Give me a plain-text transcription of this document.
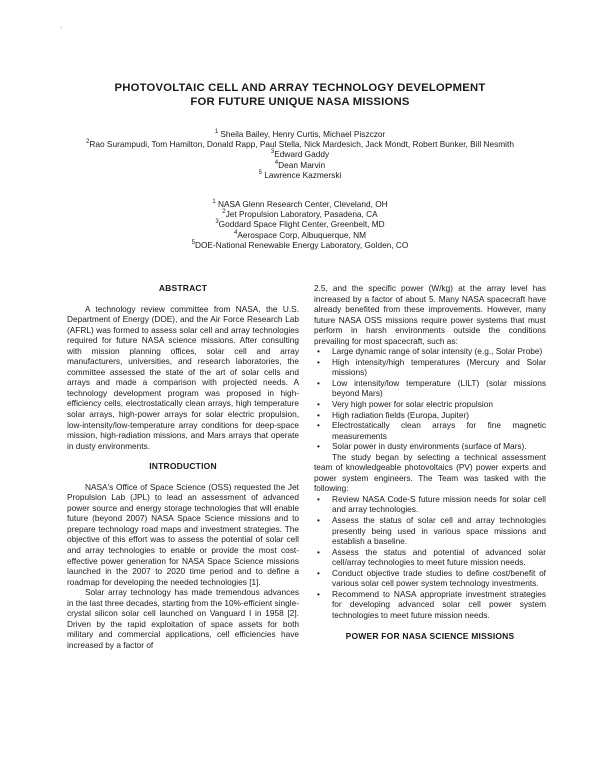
·
PHOTOVOLTAIC CELL AND ARRAY TECHNOLOGY DEVELOPMENT
FOR FUTURE UNIQUE NASA MISSIONS
$^1$ Sheila Bailey, Henry Curtis, Michael Piszczor
$^2$Rao Surampudi, Tom Hamilton, Donald Rapp, Paul Stella, Nick Mardesich, Jack Mondt, Robert Bunker, Bill Nesmith
$^3$Edward Gaddy
$^4$Dean Marvin
$^5$ Lawrence Kazmerski
$^1$ NASA Glenn Research Center, Cleveland, OH
$^2$Jet Propulsion Laboratory, Pasadena, CA
$^3$Goddard Space Flight Center, Greenbelt, MD
$^4$Aerospace Corp, Albuquerque, NM
$^5$DOE-National Renewable Energy Laboratory, Golden, CO
ABSTRACT

A technology review committee from NASA, the U.S. Department of Energy (DOE), and the Air Force Research Lab (AFRL) was formed to assess solar cell and array technologies required for future NASA science missions. After consulting with mission planning offices, solar cell and array manufacturers, universities, and research laboratories, the committee assessed the state of the art of solar cells and arrays and made a comparison with projected needs. A technology development program was proposed in high-efficiency cells, electrostatically clean arrays, high temperature solar arrays, high-power arrays for solar electric propulsion, low-intensity/low-temperature array conditions for deep-space mission, high-radiation missions, and Mars arrays that operate in dusty environments.

INTRODUCTION

NASA's Office of Space Science (OSS) requested the Jet Propulsion Lab (JPL) to lead an assessment of advanced power source and energy storage technologies that will enable future (beyond 2007) NASA Space Science missions and to prepare technology road maps and investment strategies. The objective of this effort was to assess the potential of solar cell and array technologies to enable or provide the most cost-effective power generation for NASA Space Science missions launched in the 2007 to 2020 time period and to define a roadmap for developing the needed technologies [1].

Solar array technology has made tremendous advances in the last three decades, starting from the 10%-efficient single-crystal silicon solar cell launched on Vanguard I in 1958 [2]. Driven by the rapid exploitation of space assets for both military and commercial applications, cell efficiencies have increased by a factor of

2.5, and the specific power (W/kg) at the array level has increased by a factor of about 5. Many NASA spacecraft have already benefited from these improvements. However, many future NASA OSS missions require power systems that must perform in harsh environments outside the conditions prevailing for most spacecraft, such as:

• Large dynamic range of solar intensity (e.g., Solar Probe)
• High intensity/high temperatures (Mercury and Solar missions)
• Low intensity/low temperature (LILT) (solar missions beyond Mars)
• Very high power for solar electric propulsion
• High radiation fields (Europa, Jupiter)
• Electrostatically clean arrays for fine magnetic measurements
• Solar power in dusty environments (surface of Mars).

The study began by selecting a technical assessment team of knowledgeable photovoltaics (PV) power experts and power system engineers. The Team was tasked with the following:

• Review NASA Code-S future mission needs for solar cell and array technologies.
• Assess the status of solar cell and array technologies presently being used in various space missions and establish a baseline.
• Assess the status and potential of advanced solar cell/array technologies to meet future mission needs.
• Conduct objective trade studies to define cost/benefit of various solar cell power system technology investments.
• Recommend to NASA appropriate investment strategies for developing advanced solar cell power system technologies to meet future mission needs.
POWER FOR NASA SCIENCE MISSIONS
